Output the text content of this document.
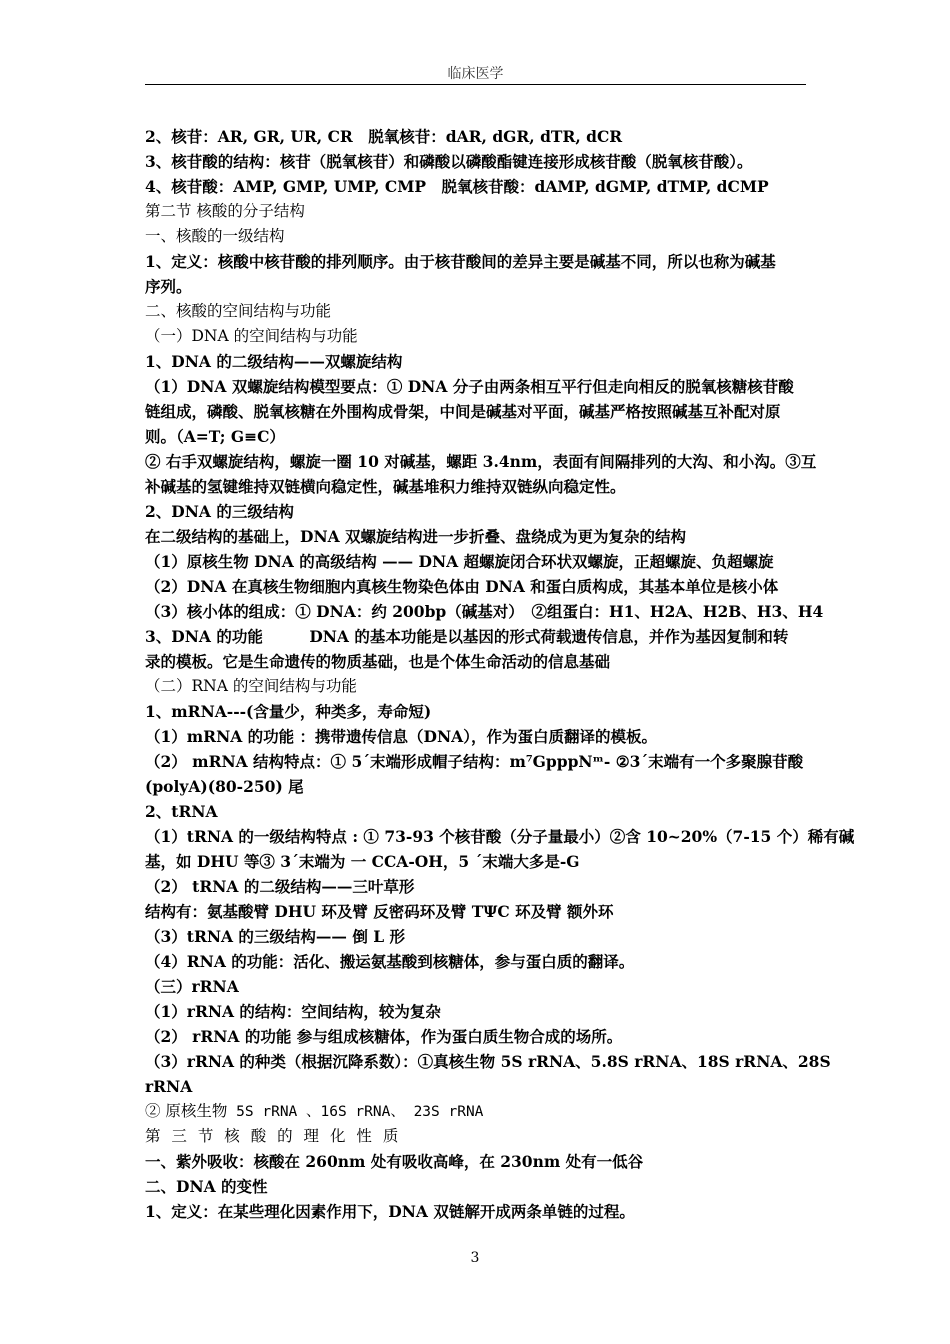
临床医学
2、核苷：AR, GR, UR, CR　脱氧核苷：dAR, dGR, dTR, dCR
3、核苷酸的结构：核苷（脱氧核苷）和磷酸以磷酸酯键连接形成核苷酸（脱氧核苷酸）。
4、核苷酸：AMP, GMP, UMP, CMP　脱氧核苷酸：dAMP, dGMP, dTMP, dCMP
第二节 核酸的分子结构
一、核酸的一级结构
1、定义：核酸中核苷酸的排列顺序。由于核苷酸间的差异主要是碱基不同，所以也称为碱基
序列。
二、核酸的空间结构与功能
（一）DNA 的空间结构与功能
1、DNA 的二级结构——双螺旋结构
（1）DNA 双螺旋结构模型要点：① DNA 分子由两条相互平行但走向相反的脱氧核糖核苷酸
链组成，磷酸、脱氧核糖在外围构成骨架，中间是碱基对平面，碱基严格按照碱基互补配对原
则。（A=T; G≡C）
② 右手双螺旋结构，螺旋一圈 10 对碱基，螺距 3.4nm，表面有间隔排列的大沟、和小沟。③互
补碱基的氢键维持双链横向稳定性，碱基堆积力维持双链纵向稳定性。
2、DNA 的三级结构
在二级结构的基础上，DNA 双螺旋结构进一步折叠、盘绕成为更为复杂的结构
（1）原核生物 DNA 的高级结构 —— DNA 超螺旋闭合环状双螺旋，正超螺旋、负超螺旋
（2）DNA 在真核生物细胞内真核生物染色体由 DNA 和蛋白质构成，其基本单位是核小体
（3）核小体的组成：① DNA：约 200bp（碱基对）　②组蛋白：H1、H2A、H2B、H3、H4
3、DNA 的功能　　　DNA 的基本功能是以基因的形式荷载遗传信息，并作为基因复制和转
录的模板。它是生命遗传的物质基础，也是个体生命活动的信息基础
（二）RNA 的空间结构与功能
1、mRNA---(含量少，种类多，寿命短)
（1）mRNA 的功能 ：携带遗传信息（DNA），作为蛋白质翻译的模板。
（2） mRNA 结构特点：① 5´末端形成帽子结构：m⁷GpppNᵐ- ②3´末端有一个多聚腺苷酸
(polyA)(80-250) 尾
2、tRNA
（1）tRNA 的一级结构特点 : ① 73-93 个核苷酸（分子量最小）②含 10~20%（7-15 个）稀有碱
基，如 DHU 等③ 3´末端为 一 CCA-OH，5 ´末端大多是-G
（2） tRNA 的二级结构——三叶草形
结构有：氨基酸臂 DHU 环及臂 反密码环及臂 TΨC 环及臂 额外环
（3）tRNA 的三级结构—— 倒 L 形
（4）RNA 的功能：活化、搬运氨基酸到核糖体，参与蛋白质的翻译。
（三）rRNA
（1）rRNA 的结构：空间结构，较为复杂
（2） rRNA 的功能 参与组成核糖体，作为蛋白质生物合成的场所。
（3）rRNA 的种类（根据沉降系数）：①真核生物 5S rRNA、5.8S rRNA、18S rRNA、28S
rRNA
② 原核生物 5S rRNA 、16S rRNA、 23S rRNA
第 三 节 核 酸 的 理 化 性 质
一、紫外吸收：核酸在 260nm 处有吸收高峰，在 230nm 处有一低谷
二、DNA 的变性
1、定义：在某些理化因素作用下，DNA 双链解开成两条单链的过程。
3
